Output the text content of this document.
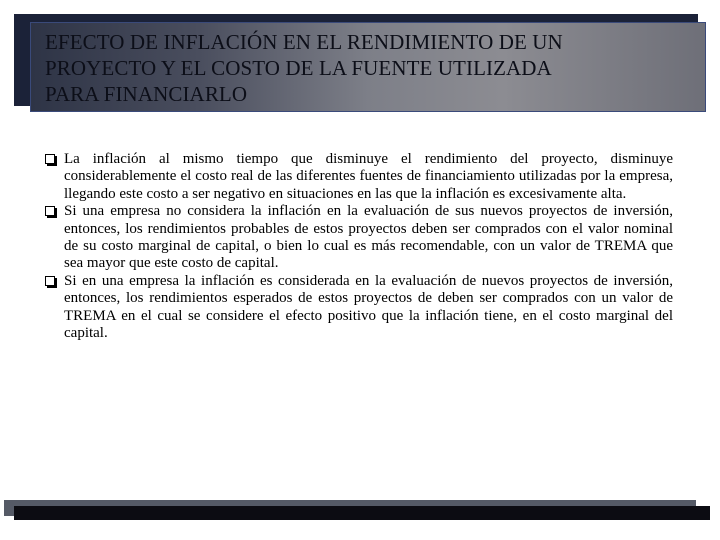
EFECTO DE INFLACIÓN EN EL RENDIMIENTO DE UN
PROYECTO Y EL COSTO DE LA FUENTE UTILIZADA
PARA FINANCIARLO
La inflación al mismo tiempo que disminuye el rendimiento del proyecto, disminuye considerablemente el costo real de las diferentes fuentes de financiamiento utilizadas por la empresa, llegando este costo a ser negativo en situaciones en las que la inflación es excesivamente alta.
Si una empresa no considera la inflación en la evaluación de sus nuevos proyectos de inversión, entonces, los rendimientos probables de estos proyectos deben ser comprados con el valor nominal de su costo marginal de capital, o bien lo cual es más recomendable, con un valor de TREMA que sea mayor que este costo de capital.
Si en una empresa la inflación es considerada en la evaluación de nuevos proyectos de inversión, entonces, los rendimientos esperados de estos proyectos de deben ser comprados con un valor de TREMA en el cual se considere el efecto positivo que la inflación tiene, en el costo marginal del capital.
